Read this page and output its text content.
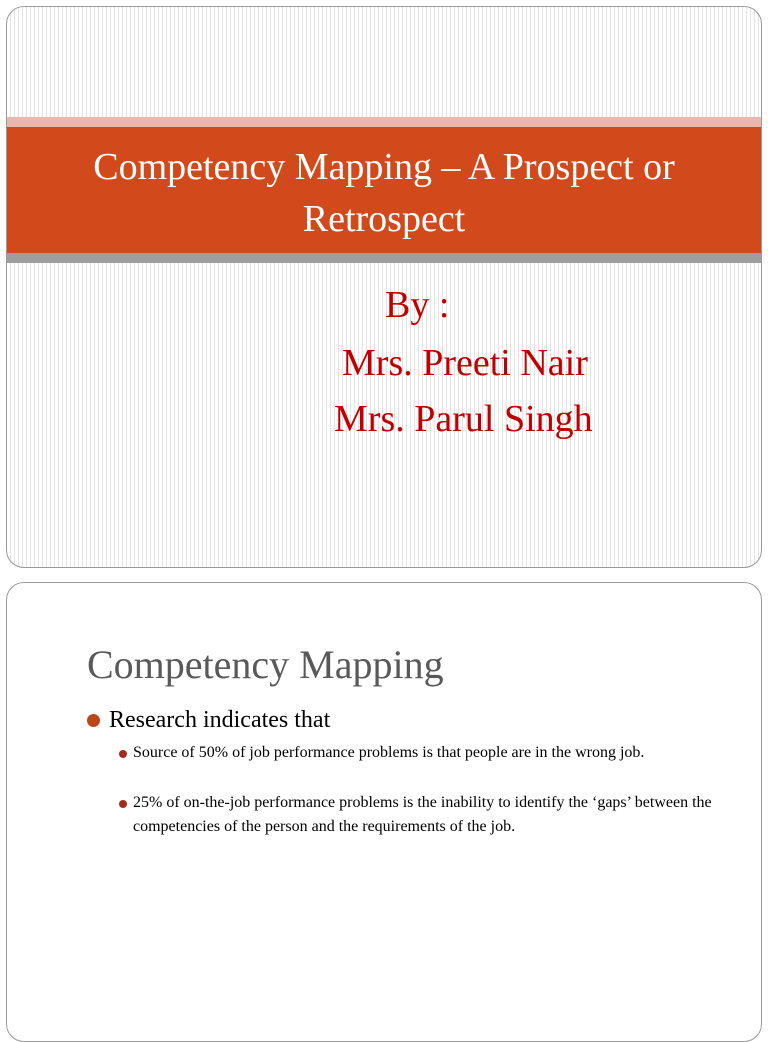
Competency Mapping – A Prospect or Retrospect
By :
Mrs. Preeti Nair
Mrs. Parul Singh
Competency Mapping
Research indicates that
Source of 50% of job performance problems is that people are in the wrong job.
25% of on-the-job performance problems is the inability to identify the ‘gaps’ between the competencies of the person and the requirements of the job.
